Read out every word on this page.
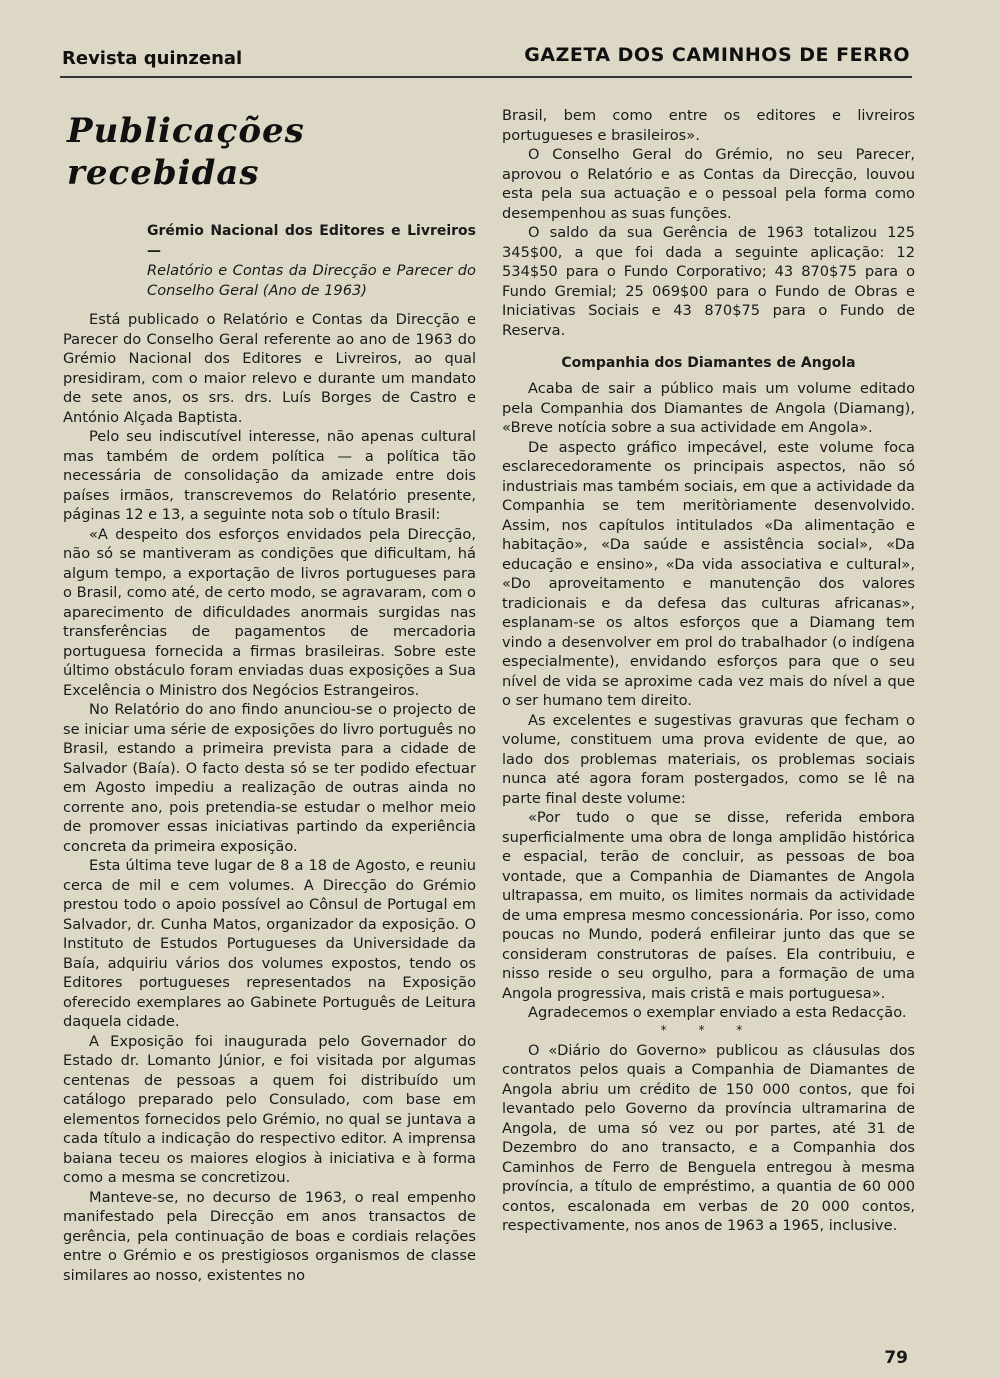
Revista quinzenal	GAZETA DOS CAMINHOS DE FERRO
Publicações recebidas
Grémio Nacional dos Editores e Livreiros —
Relatório e Contas da Direcção e Parecer do Conselho Geral (Ano de 1963)

Está publicado o Relatório e Contas da Direcção e Parecer do Conselho Geral referente ao ano de 1963 do Grémio Nacional dos Editores e Livreiros, ao qual presidiram, com o maior relevo e durante um mandato de sete anos, os srs. drs. Luís Borges de Castro e António Alçada Baptista.

Pelo seu indiscutível interesse, não apenas cultural mas também de ordem política — a política tão necessária de consolidação da amizade entre dois países irmãos, transcrevemos do Relatório presente, páginas 12 e 13, a seguinte nota sob o título Brasil:

«A despeito dos esforços envidados pela Direcção, não só se mantiveram as condições que dificultam, há algum tempo, a exportação de livros portugueses para o Brasil, como até, de certo modo, se agravaram, com o aparecimento de dificuldades anormais surgidas nas transferências de pagamentos de mercadoria portuguesa fornecida a firmas brasileiras. Sobre este último obstáculo foram enviadas duas exposições a Sua Excelência o Ministro dos Negócios Estrangeiros.

No Relatório do ano findo anunciou-se o projecto de se iniciar uma série de exposições do livro português no Brasil, estando a primeira prevista para a cidade de Salvador (Baía). O facto desta só se ter podido efectuar em Agosto impediu a realização de outras ainda no corrente ano, pois pretendia-se estudar o melhor meio de promover essas iniciativas partindo da experiência concreta da primeira exposição.

Esta última teve lugar de 8 a 18 de Agosto, e reuniu cerca de mil e cem volumes. A Direcção do Grémio prestou todo o apoio possível ao Cônsul de Portugal em Salvador, dr. Cunha Matos, organizador da exposição. O Instituto de Estudos Portugueses da Universidade da Baía, adquiriu vários dos volumes expostos, tendo os Editores portugueses representados na Exposição oferecido exemplares ao Gabinete Português de Leitura daquela cidade.

A Exposição foi inaugurada pelo Governador do Estado dr. Lomanto Júnior, e foi visitada por algumas centenas de pessoas a quem foi distribuído um catálogo preparado pelo Consulado, com base em elementos fornecidos pelo Grémio, no qual se juntava a cada título a indicação do respectivo editor. A imprensa baiana teceu os maiores elogios à iniciativa e à forma como a mesma se concretizou.

Manteve-se, no decurso de 1963, o real empenho manifestado pela Direcção em anos transactos de gerência, pela continuação de boas e cordiais relações entre o Grémio e os prestigiosos organismos de classe similares ao nosso, existentes no

Brasil, bem como entre os editores e livreiros portugueses e brasileiros».

O Conselho Geral do Grémio, no seu Parecer, aprovou o Relatório e as Contas da Direcção, louvou esta pela sua actuação e o pessoal pela forma como desempenhou as suas funções.

O saldo da sua Gerência de 1963 totalizou 125 345$00, a que foi dada a seguinte aplicação: 12 534$50 para o Fundo Corporativo; 43 870$75 para o Fundo Gremial; 25 069$00 para o Fundo de Obras e Iniciativas Sociais e 43 870$75 para o Fundo de Reserva.

Companhia dos Diamantes de Angola

Acaba de sair a público mais um volume editado pela Companhia dos Diamantes de Angola (Diamang), «Breve notícia sobre a sua actividade em Angola».

De aspecto gráfico impecável, este volume foca esclarecedoramente os principais aspectos, não só industriais mas também sociais, em que a actividade da Companhia se tem meritòriamente desenvolvido. Assim, nos capítulos intitulados «Da alimentação e habitação», «Da saúde e assistência social», «Da educação e ensino», «Da vida associativa e cultural», «Do aproveitamento e manutenção dos valores tradicionais e da defesa das culturas africanas», esplanam-se os altos esforços que a Diamang tem vindo a desenvolver em prol do trabalhador (o indígena especialmente), envidando esforços para que o seu nível de vida se aproxime cada vez mais do nível a que o ser humano tem direito.

As excelentes e sugestivas gravuras que fecham o volume, constituem uma prova evidente de que, ao lado dos problemas materiais, os problemas sociais nunca até agora foram postergados, como se lê na parte final deste volume:

«Por tudo o que se disse, referida embora superficialmente uma obra de longa amplidão histórica e espacial, terão de concluir, as pessoas de boa vontade, que a Companhia de Diamantes de Angola ultrapassa, em muito, os limites normais da actividade de uma empresa mesmo concessionária. Por isso, como poucas no Mundo, poderá enfileirar junto das que se consideram construtoras de países. Ela contribuiu, e nisso reside o seu orgulho, para a formação de uma Angola progressiva, mais cristã e mais portuguesa».

Agradecemos o exemplar enviado a esta Redacção.

* * *

O «Diário do Governo» publicou as cláusulas dos contratos pelos quais a Companhia de Diamantes de Angola abriu um crédito de 150 000 contos, que foi levantado pelo Governo da província ultramarina de Angola, de uma só vez ou por partes, até 31 de Dezembro do ano transacto, e a Companhia dos Caminhos de Ferro de Benguela entregou à mesma província, a título de empréstimo, a quantia de 60 000 contos, escalonada em verbas de 20 000 contos, respectivamente, nos anos de 1963 a 1965, inclusive.

79
